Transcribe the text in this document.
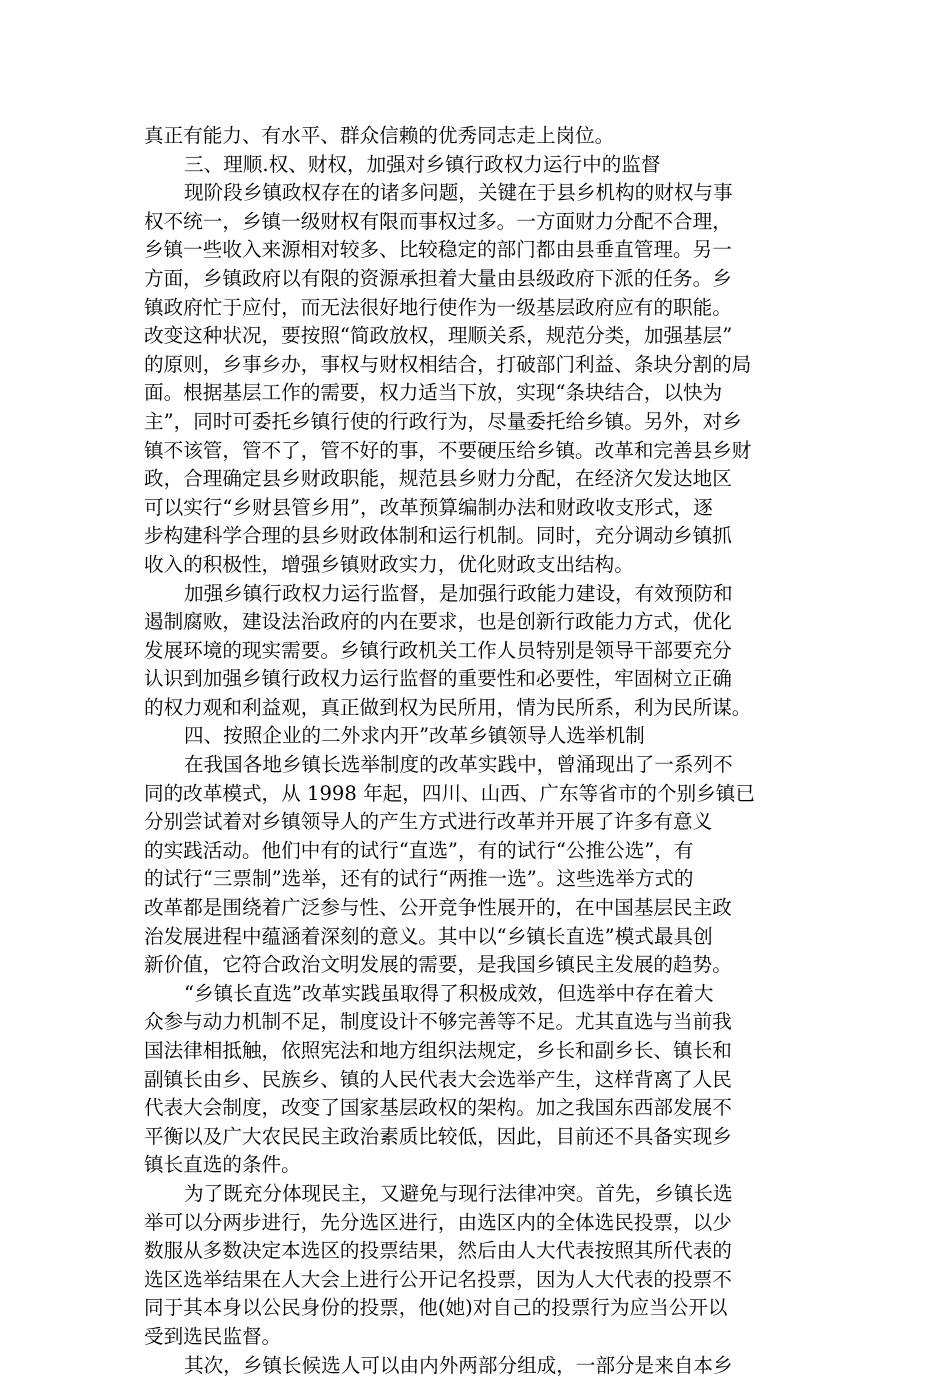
真正有能力、有水平、群众信赖的优秀同志走上岗位。
三、理顺.权、财权，加强对乡镇行政权力运行中的监督
现阶段乡镇政权存在的诸多问题，关键在于县乡机构的财权与事
权不统一，乡镇一级财权有限而事权过多。一方面财力分配不合理，
乡镇一些收入来源相对较多、比较稳定的部门都由县垂直管理。另一
方面，乡镇政府以有限的资源承担着大量由县级政府下派的任务。乡
镇政府忙于应付，而无法很好地行使作为一级基层政府应有的职能。
改变这种状况，要按照“简政放权，理顺关系，规范分类，加强基层”
的原则，乡事乡办，事权与财权相结合，打破部门利益、条块分割的局
面。根据基层工作的需要，权力适当下放，实现“条块结合，以快为
主”，同时可委托乡镇行使的行政行为，尽量委托给乡镇。另外，对乡
镇不该管，管不了，管不好的事，不要硬压给乡镇。改革和完善县乡财
政，合理确定县乡财政职能，规范县乡财力分配，在经济欠发达地区
可以实行“乡财县管乡用”，改革预算编制办法和财政收支形式，逐
步构建科学合理的县乡财政体制和运行机制。同时，充分调动乡镇抓
收入的积极性，增强乡镇财政实力，优化财政支出结构。
加强乡镇行政权力运行监督，是加强行政能力建设，有效预防和
遏制腐败，建设法治政府的内在要求，也是创新行政能力方式，优化
发展环境的现实需要。乡镇行政机关工作人员特别是领导干部要充分
认识到加强乡镇行政权力运行监督的重要性和必要性，牢固树立正确
的权力观和利益观，真正做到权为民所用，情为民所系，利为民所谋。
四、按照企业的二外求内开”改革乡镇领导人选举机制
在我国各地乡镇长选举制度的改革实践中，曾涌现出了一系列不
同的改革模式，从 1998 年起，四川、山西、广东等省市的个别乡镇已
分别尝试着对乡镇领导人的产生方式进行改革并开展了许多有意义
的实践活动。他们中有的试行“直选”，有的试行“公推公选”，有
的试行“三票制”选举，还有的试行“两推一选”。这些选举方式的
改革都是围绕着广泛参与性、公开竞争性展开的，在中国基层民主政
治发展进程中蕴涵着深刻的意义。其中以“乡镇长直选”模式最具创
新价值，它符合政治文明发展的需要，是我国乡镇民主发展的趋势。
“乡镇长直选”改革实践虽取得了积极成效，但选举中存在着大
众参与动力机制不足，制度设计不够完善等不足。尤其直选与当前我
国法律相抵触，依照宪法和地方组织法规定，乡长和副乡长、镇长和
副镇长由乡、民族乡、镇的人民代表大会选举产生，这样背离了人民
代表大会制度，改变了国家基层政权的架构。加之我国东西部发展不
平衡以及广大农民民主政治素质比较低，因此，目前还不具备实现乡
镇长直选的条件。
为了既充分体现民主，又避免与现行法律冲突。首先，乡镇长选
举可以分两步进行，先分选区进行，由选区内的全体选民投票，以少
数服从多数决定本选区的投票结果，然后由人大代表按照其所代表的
选区选举结果在人大会上进行公开记名投票，因为人大代表的投票不
同于其本身以公民身份的投票，他(她)对自己的投票行为应当公开以
受到选民监督。
其次，乡镇长候选人可以由内外两部分组成，一部分是来自本乡
